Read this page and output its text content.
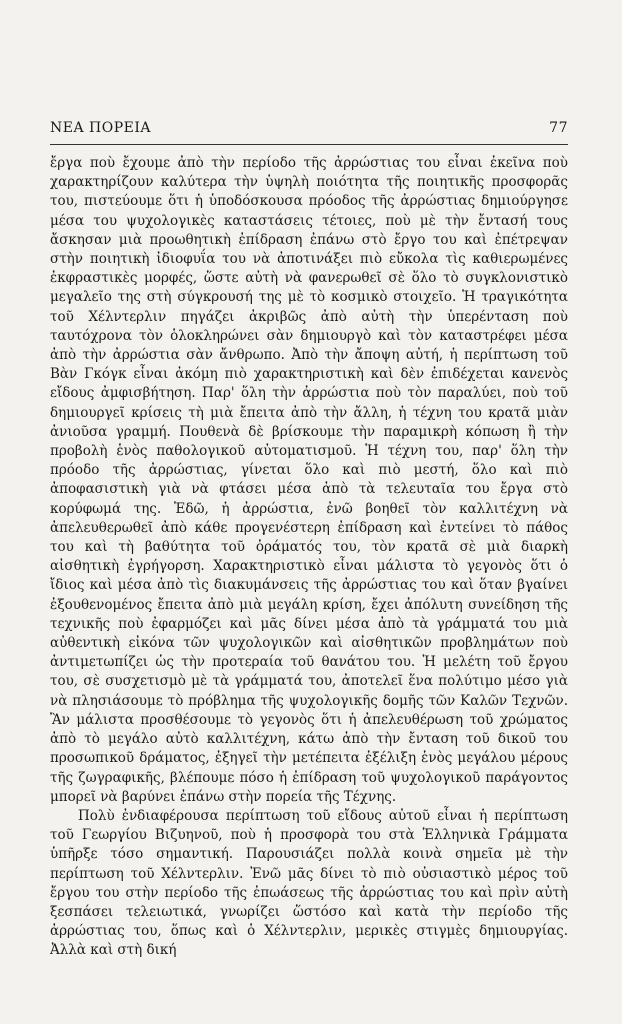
ΝΕΑ ΠΟΡΕΙΑ	77

ἔργα ποὺ ἔχουμε ἀπὸ τὴν περίοδο τῆς ἀρρώστιας του εἶναι ἐκεῖνα ποὺ χαρακτηρίζουν καλύτερα τὴν ὑψηλὴ ποιότητα τῆς ποιητικῆς προσφορᾶς του, πιστεύουμε ὅτι ἡ ὑποδόσκουσα πρόοδος τῆς ἀρρώστιας δημιούργησε μέσα του ψυχολογικὲς καταστάσεις τέτοιες, ποὺ μὲ τὴν ἔντασή τους ἄσκησαν μιὰ προωθητικὴ ἐπίδραση ἐπάνω στὸ ἔργο του καὶ ἐπέτρεψαν στὴν ποιητικὴ ἰδιοφυΐα του νὰ ἀποτινάξει πιὸ εὔκολα τὶς καθιερωμένες ἐκφραστικὲς μορφές, ὥστε αὐτὴ νὰ φανερωθεῖ σὲ ὅλο τὸ συγκλονιστικὸ μεγαλεῖο της στὴ σύγκρουσή της μὲ τὸ κοσμικὸ στοιχεῖο. Ἡ τραγικότητα τοῦ Χέλντερλιν πηγάζει ἀκριβῶς ἀπὸ αὐτὴ τὴν ὑπερένταση ποὺ ταυτόχρονα τὸν ὁλοκληρώνει σὰν δημιουργὸ καὶ τὸν καταστρέφει μέσα ἀπὸ τὴν ἀρρώστια σὰν ἄνθρωπο. Ἀπὸ τὴν ἄποψη αὐτή, ἡ περίπτωση τοῦ Βὰν Γκόγκ εἶναι ἀκόμη πιὸ χαρακτηριστικὴ καὶ δὲν ἐπιδέχεται κανενὸς εἴδους ἀμφισβήτηση. Παρ' ὅλη τὴν ἀρρώστια ποὺ τὸν παραλύει, ποὺ τοῦ δημιουργεῖ κρίσεις τὴ μιὰ ἔπειτα ἀπὸ τὴν ἄλλη, ἡ τέχνη του κρατᾶ μιὰν ἀνιοῦσα γραμμή. Πουθενὰ δὲ βρίσκουμε τὴν παραμικρὴ κόπωση ἢ τὴν προβολὴ ἑνὸς παθολογικοῦ αὐτοματισμοῦ. Ἡ τέχνη του, παρ' ὅλη τὴν πρόοδο τῆς ἀρρώστιας, γίνεται ὅλο καὶ πιὸ μεστή, ὅλο καὶ πιὸ ἀποφασιστικὴ γιὰ νὰ φτάσει μέσα ἀπὸ τὰ τελευταῖα του ἔργα στὸ κορύφωμά της. Ἐδῶ, ἡ ἀρρώστια, ἐνῶ βοηθεῖ τὸν καλλιτέχνη νὰ ἀπελευθερωθεῖ ἀπὸ κάθε προγενέστερη ἐπίδραση καὶ ἐντείνει τὸ πάθος του καὶ τὴ βαθύτητα τοῦ ὁράματός του, τὸν κρατᾶ σὲ μιὰ διαρκὴ αἰσθητικὴ ἐγρήγορση. Χαρακτηριστικὸ εἶναι μάλιστα τὸ γεγονὸς ὅτι ὁ ἴδιος καὶ μέσα ἀπὸ τὶς διακυμάνσεις τῆς ἀρρώστιας του καὶ ὅταν βγαίνει ἐξουθενομένος ἔπειτα ἀπὸ μιὰ μεγάλη κρίση, ἔχει ἀπόλυτη συνείδηση τῆς τεχνικῆς ποὺ ἐφαρμόζει καὶ μᾶς δίνει μέσα ἀπὸ τὰ γράμματά του μιὰ αὐθεντικὴ εἰκόνα τῶν ψυχολογικῶν καὶ αἰσθητικῶν προβλημάτων ποὺ ἀντιμετωπίζει ὡς τὴν προτεραία τοῦ θανάτου του. Ἡ μελέτη τοῦ ἔργου του, σὲ συσχετισμὸ μὲ τὰ γράμματά του, ἀποτελεῖ ἕνα πολύτιμο μέσο γιὰ νὰ πλησιάσουμε τὸ πρόβλημα τῆς ψυχολογικῆς δομῆς τῶν Καλῶν Τεχνῶν. Ἂν μάλιστα προσθέσουμε τὸ γεγονὸς ὅτι ἡ ἀπελευθέρωση τοῦ χρώματος ἀπὸ τὸ μεγάλο αὐτὸ καλλιτέχνη, κάτω ἀπὸ τὴν ἔνταση τοῦ δικοῦ του προσωπικοῦ δράματος, ἐξηγεῖ τὴν μετέπειτα ἐξέλιξη ἑνὸς μεγάλου μέρους τῆς ζωγραφικῆς, βλέπουμε πόσο ἡ ἐπίδραση τοῦ ψυχολογικοῦ παράγοντος μπορεῖ νὰ βαρύνει ἐπάνω στὴν πορεία τῆς Τέχνης.

Πολὺ ἐνδιαφέρουσα περίπτωση τοῦ εἴδους αὐτοῦ εἶναι ἡ περίπτωση τοῦ Γεωργίου Βιζυηνοῦ, ποὺ ἡ προσφορὰ του στὰ Ἑλληνικὰ Γράμματα ὑπῆρξε τόσο σημαντική. Παρουσιάζει πολλὰ κοινὰ σημεῖα μὲ τὴν περίπτωση τοῦ Χέλντερλιν. Ἐνῶ μᾶς δίνει τὸ πιὸ οὐσιαστικὸ μέρος τοῦ ἔργου του στὴν περίοδο τῆς ἐπωάσεως τῆς ἀρρώστιας του καὶ πρὶν αὐτὴ ξεσπάσει τελειωτικά, γνωρίζει ὥστόσο καὶ κατὰ τὴν περίοδο τῆς ἀρρώστιας του, ὅπως καὶ ὁ Χέλντερλιν, μερικὲς στιγμὲς δημιουργίας. Ἀλλὰ καὶ στὴ δική
